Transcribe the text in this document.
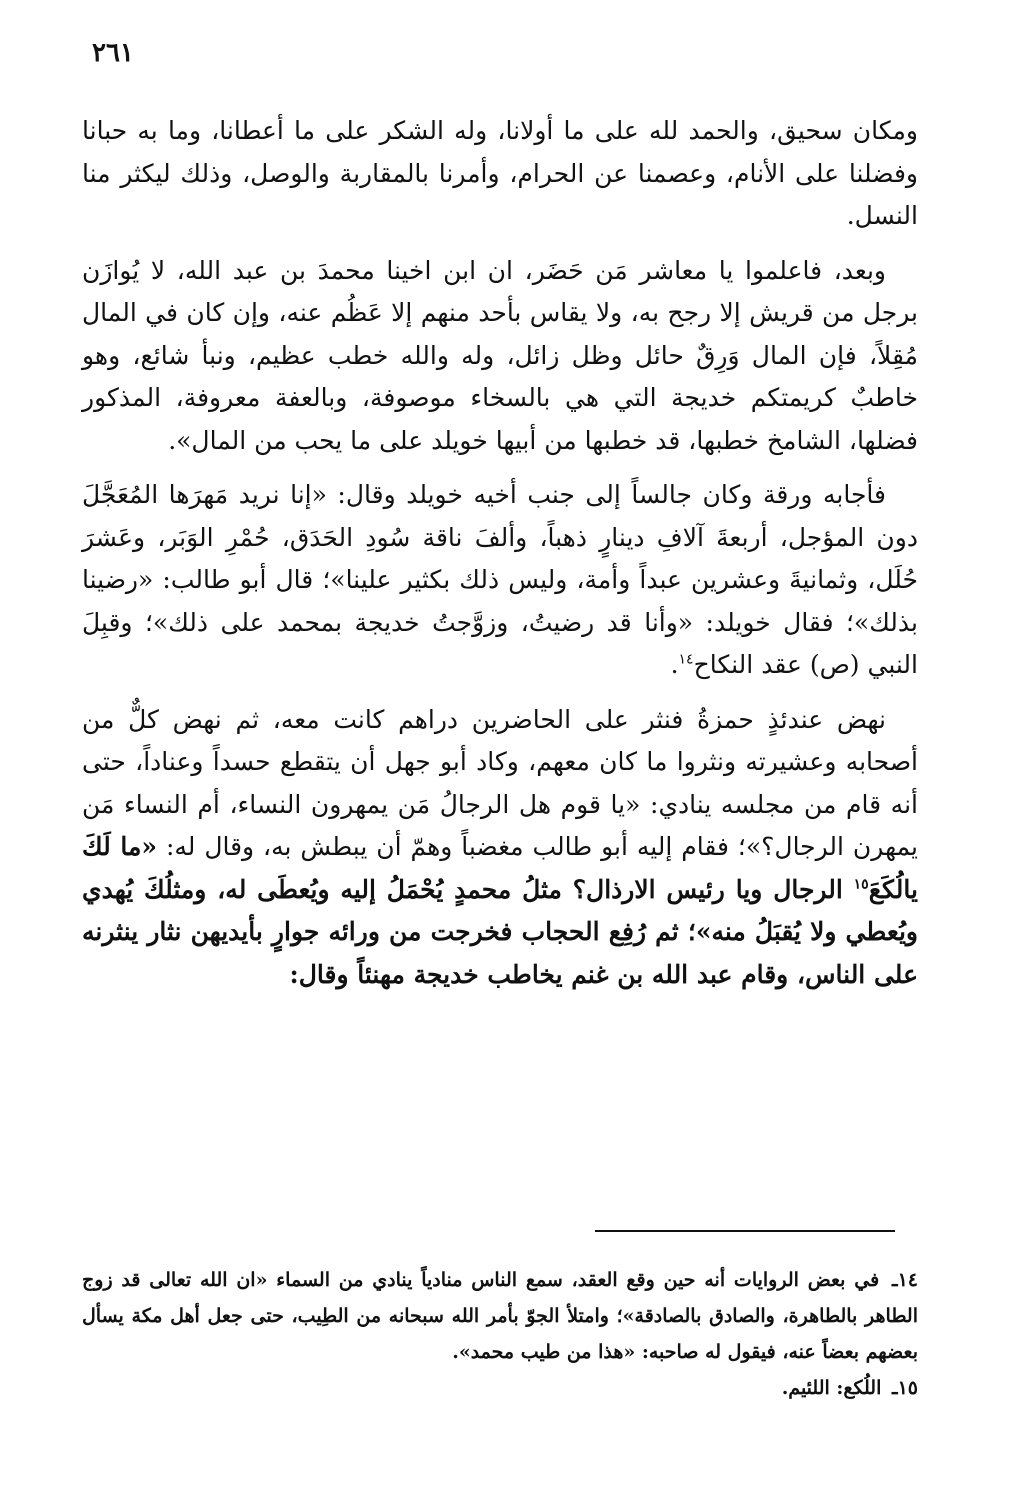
٢٦١

ومكان سحيق، والحمد لله على ما أولانا، وله الشكر على ما أعطانا، وما به حبانا وفضلنا على الأنام، وعصمنا عن الحرام، وأمرنا بالمقاربة والوصل، وذلك ليكثر منا النسل.

وبعد، فاعلموا يا معاشر مَن حَضَر، ان ابن اخينا محمدَ بن عبد الله، لا يُوازَن برجل من قريش إلا رجح به، ولا يقاس بأحد منهم إلا عَظُم عنه، وإن كان في المال مُقِلاً، فإن المال وَرِقٌ حائل وظل زائل، وله والله خطب عظيم، ونبأ شائع، وهو خاطبٌ كريمتكم خديجة التي هي بالسخاء موصوفة، وبالعفة معروفة، المذكور فضلها، الشامخ خطبها، قد خطبها من أبيها خويلد على ما يحب من المال».

فأجابه ورقة وكان جالساً إلى جنب أخيه خويلد وقال: «إنا نريد مَهرَها المُعَجَّلَ دون المؤجل، أربعةَ آلافِ دينارٍ ذهباً، وألفَ ناقة سُودِ الحَدَق، حُمْرِ الوَبَر، وعَشرَ حُلَل، وثمانيةَ وعشرين عبداً وأمة، وليس ذلك بكثير علينا»؛ قال أبو طالب: «رضينا بذلك»؛ فقال خويلد: «وأنا قد رضيتُ، وزوَّجتُ خديجة بمحمد على ذلك»؛ وقبِلَ النبي (ص) عقد النكاح$^{١٤}$.

نهض عندئذٍ حمزةُ فنثر على الحاضرين دراهم كانت معه، ثم نهض كلٌّ من أصحابه وعشيرته ونثروا ما كان معهم، وكاد أبو جهل أن يتقطع حسداً وعناداً، حتى أنه قام من مجلسه ينادي: «يا قوم هل الرجالُ مَن يمهرون النساء، أم النساء مَن يمهرن الرجال؟»؛ فقام إليه أبو طالب مغضباً وهمّ أن يبطش به، وقال له: «ما لَكَ يالُكَعَ$^{١٥}$ الرجال ويا رئيس الارذال؟ مثلُ محمدٍ يُحْمَلُ إليه ويُعطَى له، ومثلُكَ يُهدي ويُعطي ولا يُقبَلُ منه»؛ ثم رُفِع الحجاب فخرجت من ورائه جوارٍ بأيديهن نثار ينثرنه على الناس، وقام عبد الله بن غنم يخاطب خديجة مهنئاً وقال:

١٤ـ في بعض الروايات أنه حين وقع العقد، سمع الناس منادياً ينادي من السماء «ان الله تعالى قد زوج الطاهر بالطاهرة، والصادق بالصادقة»؛ وامتلأ الجوّ بأمر الله سبحانه من الطِيب، حتى جعل أهل مكة يسأل بعضهم بعضاً عنه، فيقول له صاحبه: «هذا من طيب محمد».

١٥ـ اللُكع: اللئيم.
